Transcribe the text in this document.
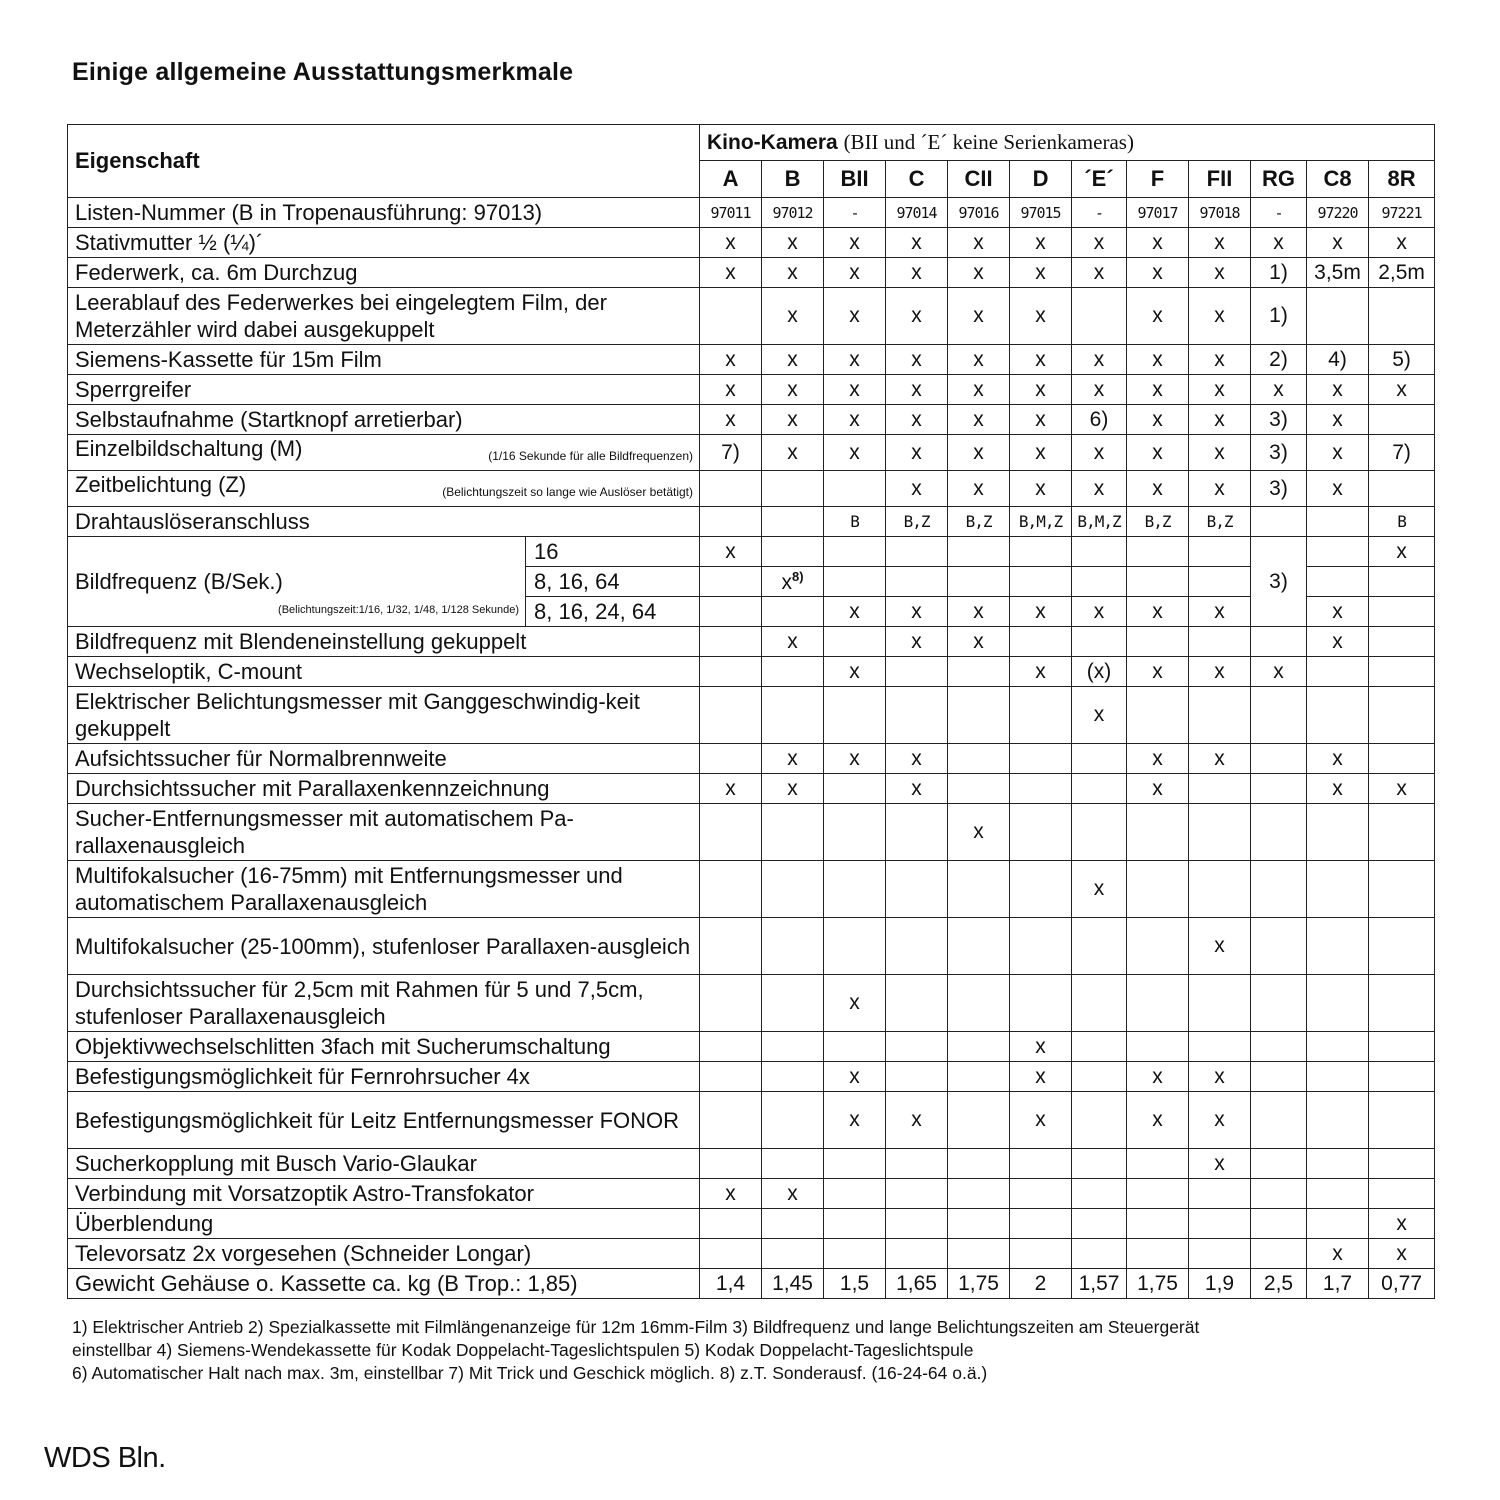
Einige allgemeine Ausstattungsmerkmale
Eigenschaft		Kino-Kamera (BII und ´E´ keine Serienkameras)											
		A	B	BII	C	CII	D	´E´	F	FII	RG	C8	8R
Listen-Nummer (B in Tropenausführung: 97013)		97011	97012	-	97014	97016	97015	-	97017	97018	-	97220	97221
Stativmutter ½ (¼)´		x	x	x	x	x	x	x	x	x	x	x	x
Federwerk, ca. 6m Durchzug		x	x	x	x	x	x	x	x	x	1)	3,5m	2,5m
Leerablauf des Federwerkes bei eingelegtem Film, der Meterzähler wird dabei ausgekuppelt			x	x	x	x	x		x	x	1)		
Siemens-Kassette für 15m Film		x	x	x	x	x	x	x	x	x	2)	4)	5)
Sperrgreifer		x	x	x	x	x	x	x	x	x	x	x	x
Selbstaufnahme (Startknopf arretierbar)		x	x	x	x	x	x	6)	x	x	3)	x	

(1/16 Sekunde für alle Bildfrequenzen)
Einzelbildschaltung (M)		7)	x	x	x	x	x	x	x	x	3)	x	7)

(Belichtungszeit so lange wie Auslöser betätigt)
Zeitbelichtung (Z)					x	x	x	x	x	x	3)	x	
Drahtauslöseranschluss				B	B,Z	B,Z	B,M,Z	B,M,Z	B,Z	B,Z			B
Bildfrequenz (B/Sek.)
(Belichtungszeit:1/16, 1/32, 1/48, 1/128 Sekunde)	16	x									3)		x
	8, 16, 64		$x^{8)}$									
	8, 16, 24, 64			x	x	x	x	x	x	x		x	
Bildfrequenz mit Blendeneinstellung gekuppelt			x		x	x						x	
Wechseloptik, C-mount				x			x	(x)	x	x	x		
Elektrischer Belichtungsmesser mit Ganggeschwindig-keit gekuppelt								x					
Aufsichtssucher für Normalbrennweite			x	x	x				x	x		x	
Durchsichtssucher mit Parallaxenkennzeichnung		x	x		x				x			x	x
Sucher-Entfernungsmesser mit automatischem Pa-rallaxenausgleich						x							
Multifokalsucher (16-75mm) mit Entfernungsmesser und automatischem Parallaxenausgleich								x					
Multifokalsucher (25-100mm), stufenloser Parallaxen-ausgleich										x			
Durchsichtssucher für 2,5cm mit Rahmen für 5 und 7,5cm, stufenloser Parallaxenausgleich				x									
Objektivwechselschlitten 3fach mit Sucherumschaltung							x						
Befestigungsmöglichkeit für Fernrohrsucher 4x				x			x		x	x			
Befestigungsmöglichkeit für Leitz Entfernungsmesser FONOR				x	x		x		x	x			
Sucherkopplung mit Busch Vario-Glaukar										x			
Verbindung mit Vorsatzoptik Astro-Transfokator		x	x										
Überblendung													x
Televorsatz 2x vorgesehen (Schneider Longar)												x	x
Gewicht Gehäuse o. Kassette ca. kg (B Trop.: 1,85)		1,4	1,45	1,5	1,65	1,75	2	1,57	1,75	1,9	2,5	1,7	0,77
1) Elektrischer Antrieb 2) Spezialkassette mit Filmlängenanzeige für 12m 16mm-Film 3) Bildfrequenz und lange Belichtungszeiten am Steuergerät
einstellbar 4) Siemens-Wendekassette für Kodak Doppelacht-Tageslichtspulen 5) Kodak Doppelacht-Tageslichtspule
6) Automatischer Halt nach max. 3m, einstellbar 7) Mit Trick und Geschick möglich. 8) z.T. Sonderausf. (16-24-64 o.ä.)
WDS Bln.
